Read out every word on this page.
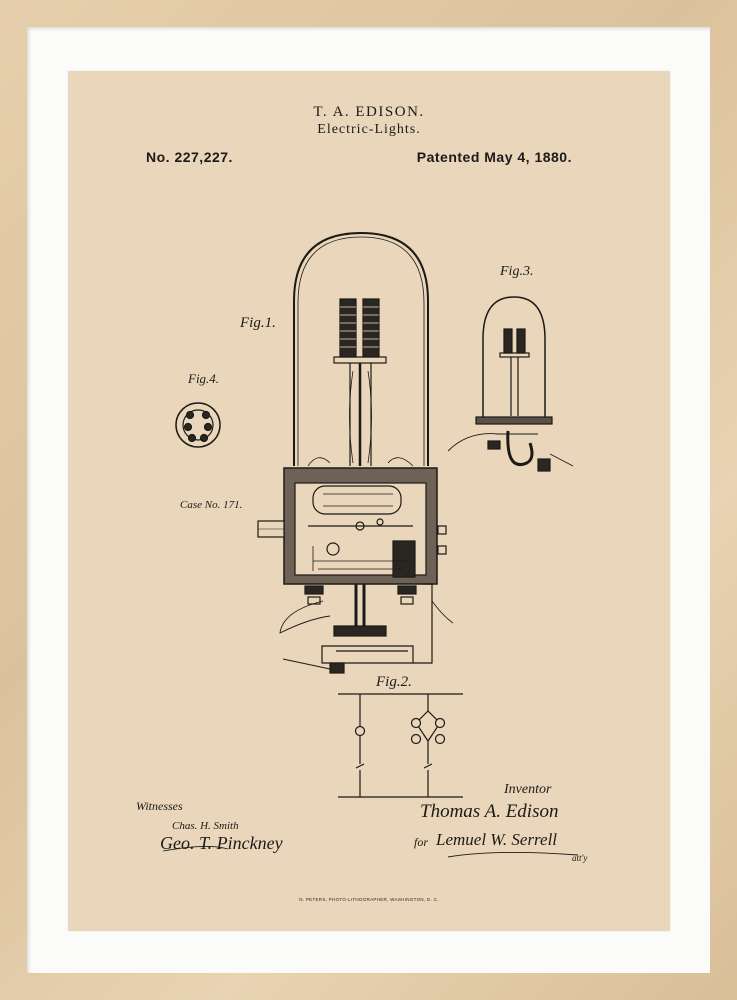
T. A. EDISON.
Electric-Lights.
No. 227,227.	Patented May 4, 1880.
Fig.1.
Fig.3.
Fig.4.
Fig.2.
Case No. 171.
Witnesses
Chas. H. Smith
Geo. T. Pinckney
Inventor
Thomas A. Edison
for Lemuel W. Serrell
att'y
N. PETERS, PHOTO-LITHOGRAPHER, WASHINGTON, D. C.
